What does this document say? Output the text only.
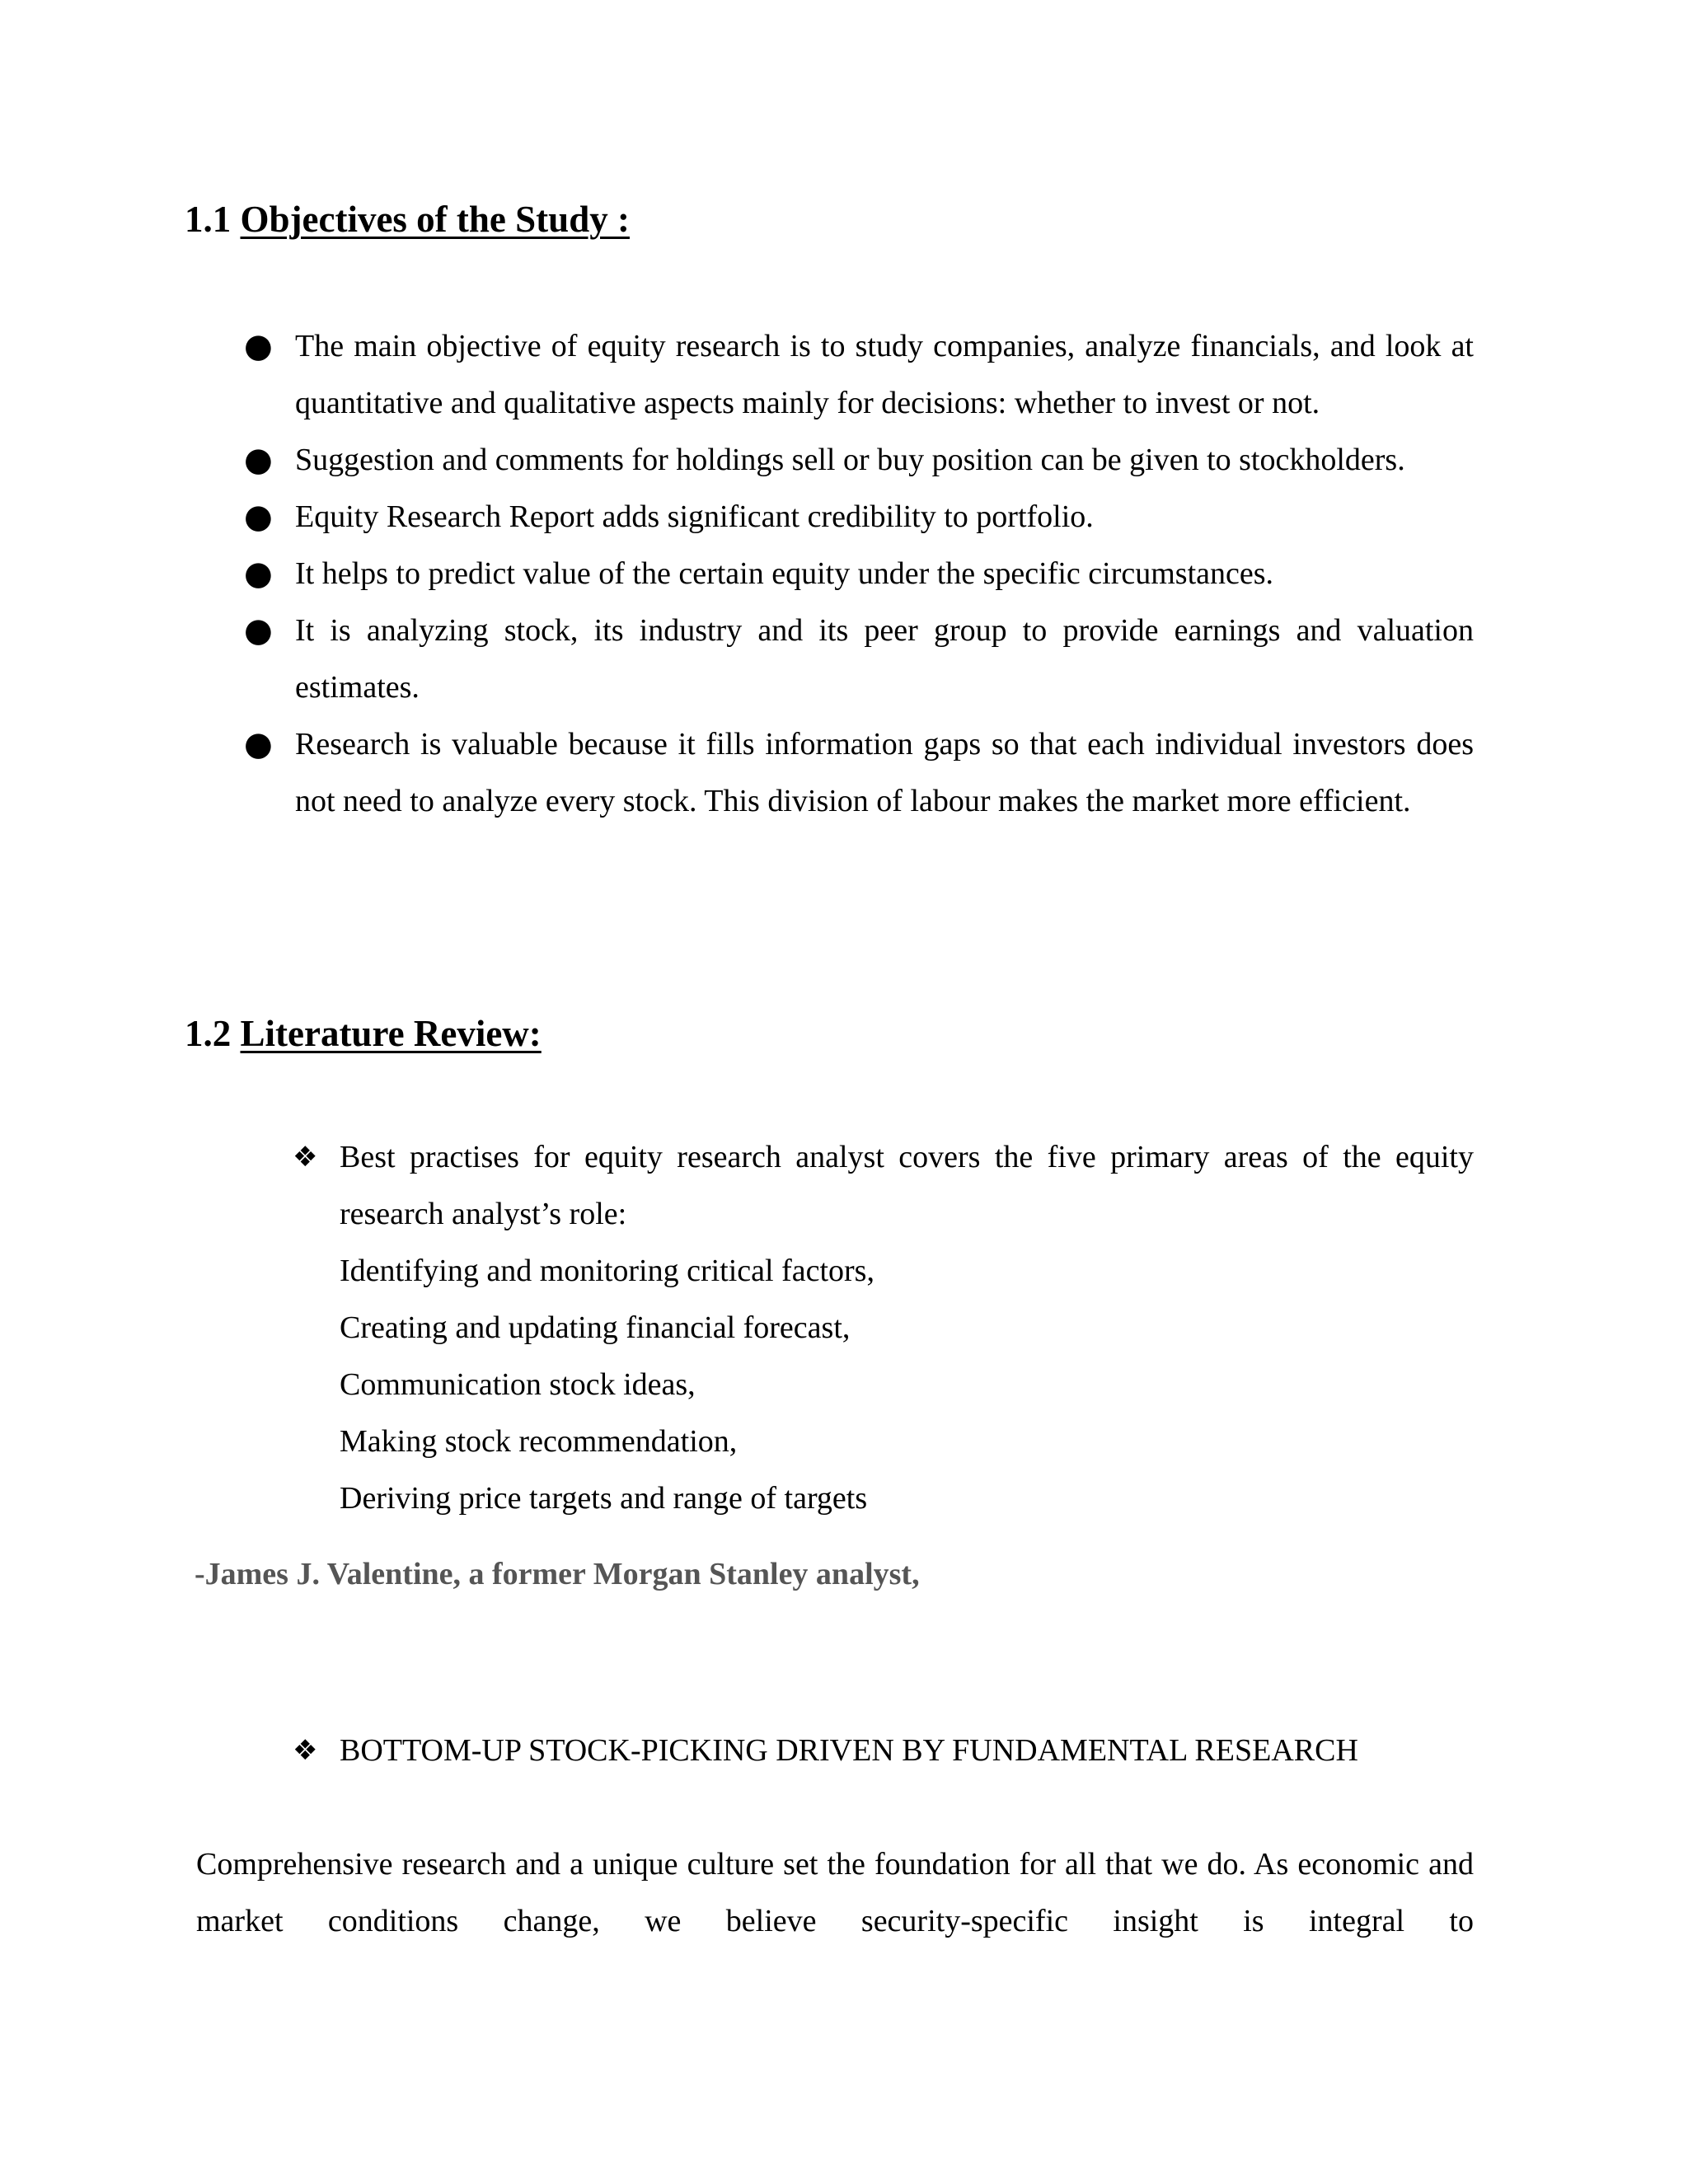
1.1 Objectives of the Study :
● The main objective of equity research is to study companies, analyze financials, and look at quantitative and qualitative aspects mainly for decisions: whether to invest or not.
● Suggestion and comments for holdings sell or buy position can be given to stockholders.
● Equity Research Report adds significant credibility to portfolio.
● It helps to predict value of the certain equity under the specific circumstances.
● It is analyzing stock, its industry and its peer group to provide earnings and valuation estimates.
● Research is valuable because it fills information gaps so that each individual investors does not need to analyze every stock. This division of labour makes the market more efficient.
1.2 Literature Review:
❖ Best practises for equity research analyst covers the five primary areas of the equity research analyst’s role:
Identifying and monitoring critical factors,
Creating and updating financial forecast,
Communication stock ideas,
Making stock recommendation,
Deriving price targets and range of targets
-James J. Valentine, a former Morgan Stanley analyst,
❖ BOTTOM-UP STOCK-PICKING DRIVEN BY FUNDAMENTAL RESEARCH

Comprehensive research and a unique culture set the foundation for all that we do. As economic and market conditions change, we believe security-specific insight is integral to
